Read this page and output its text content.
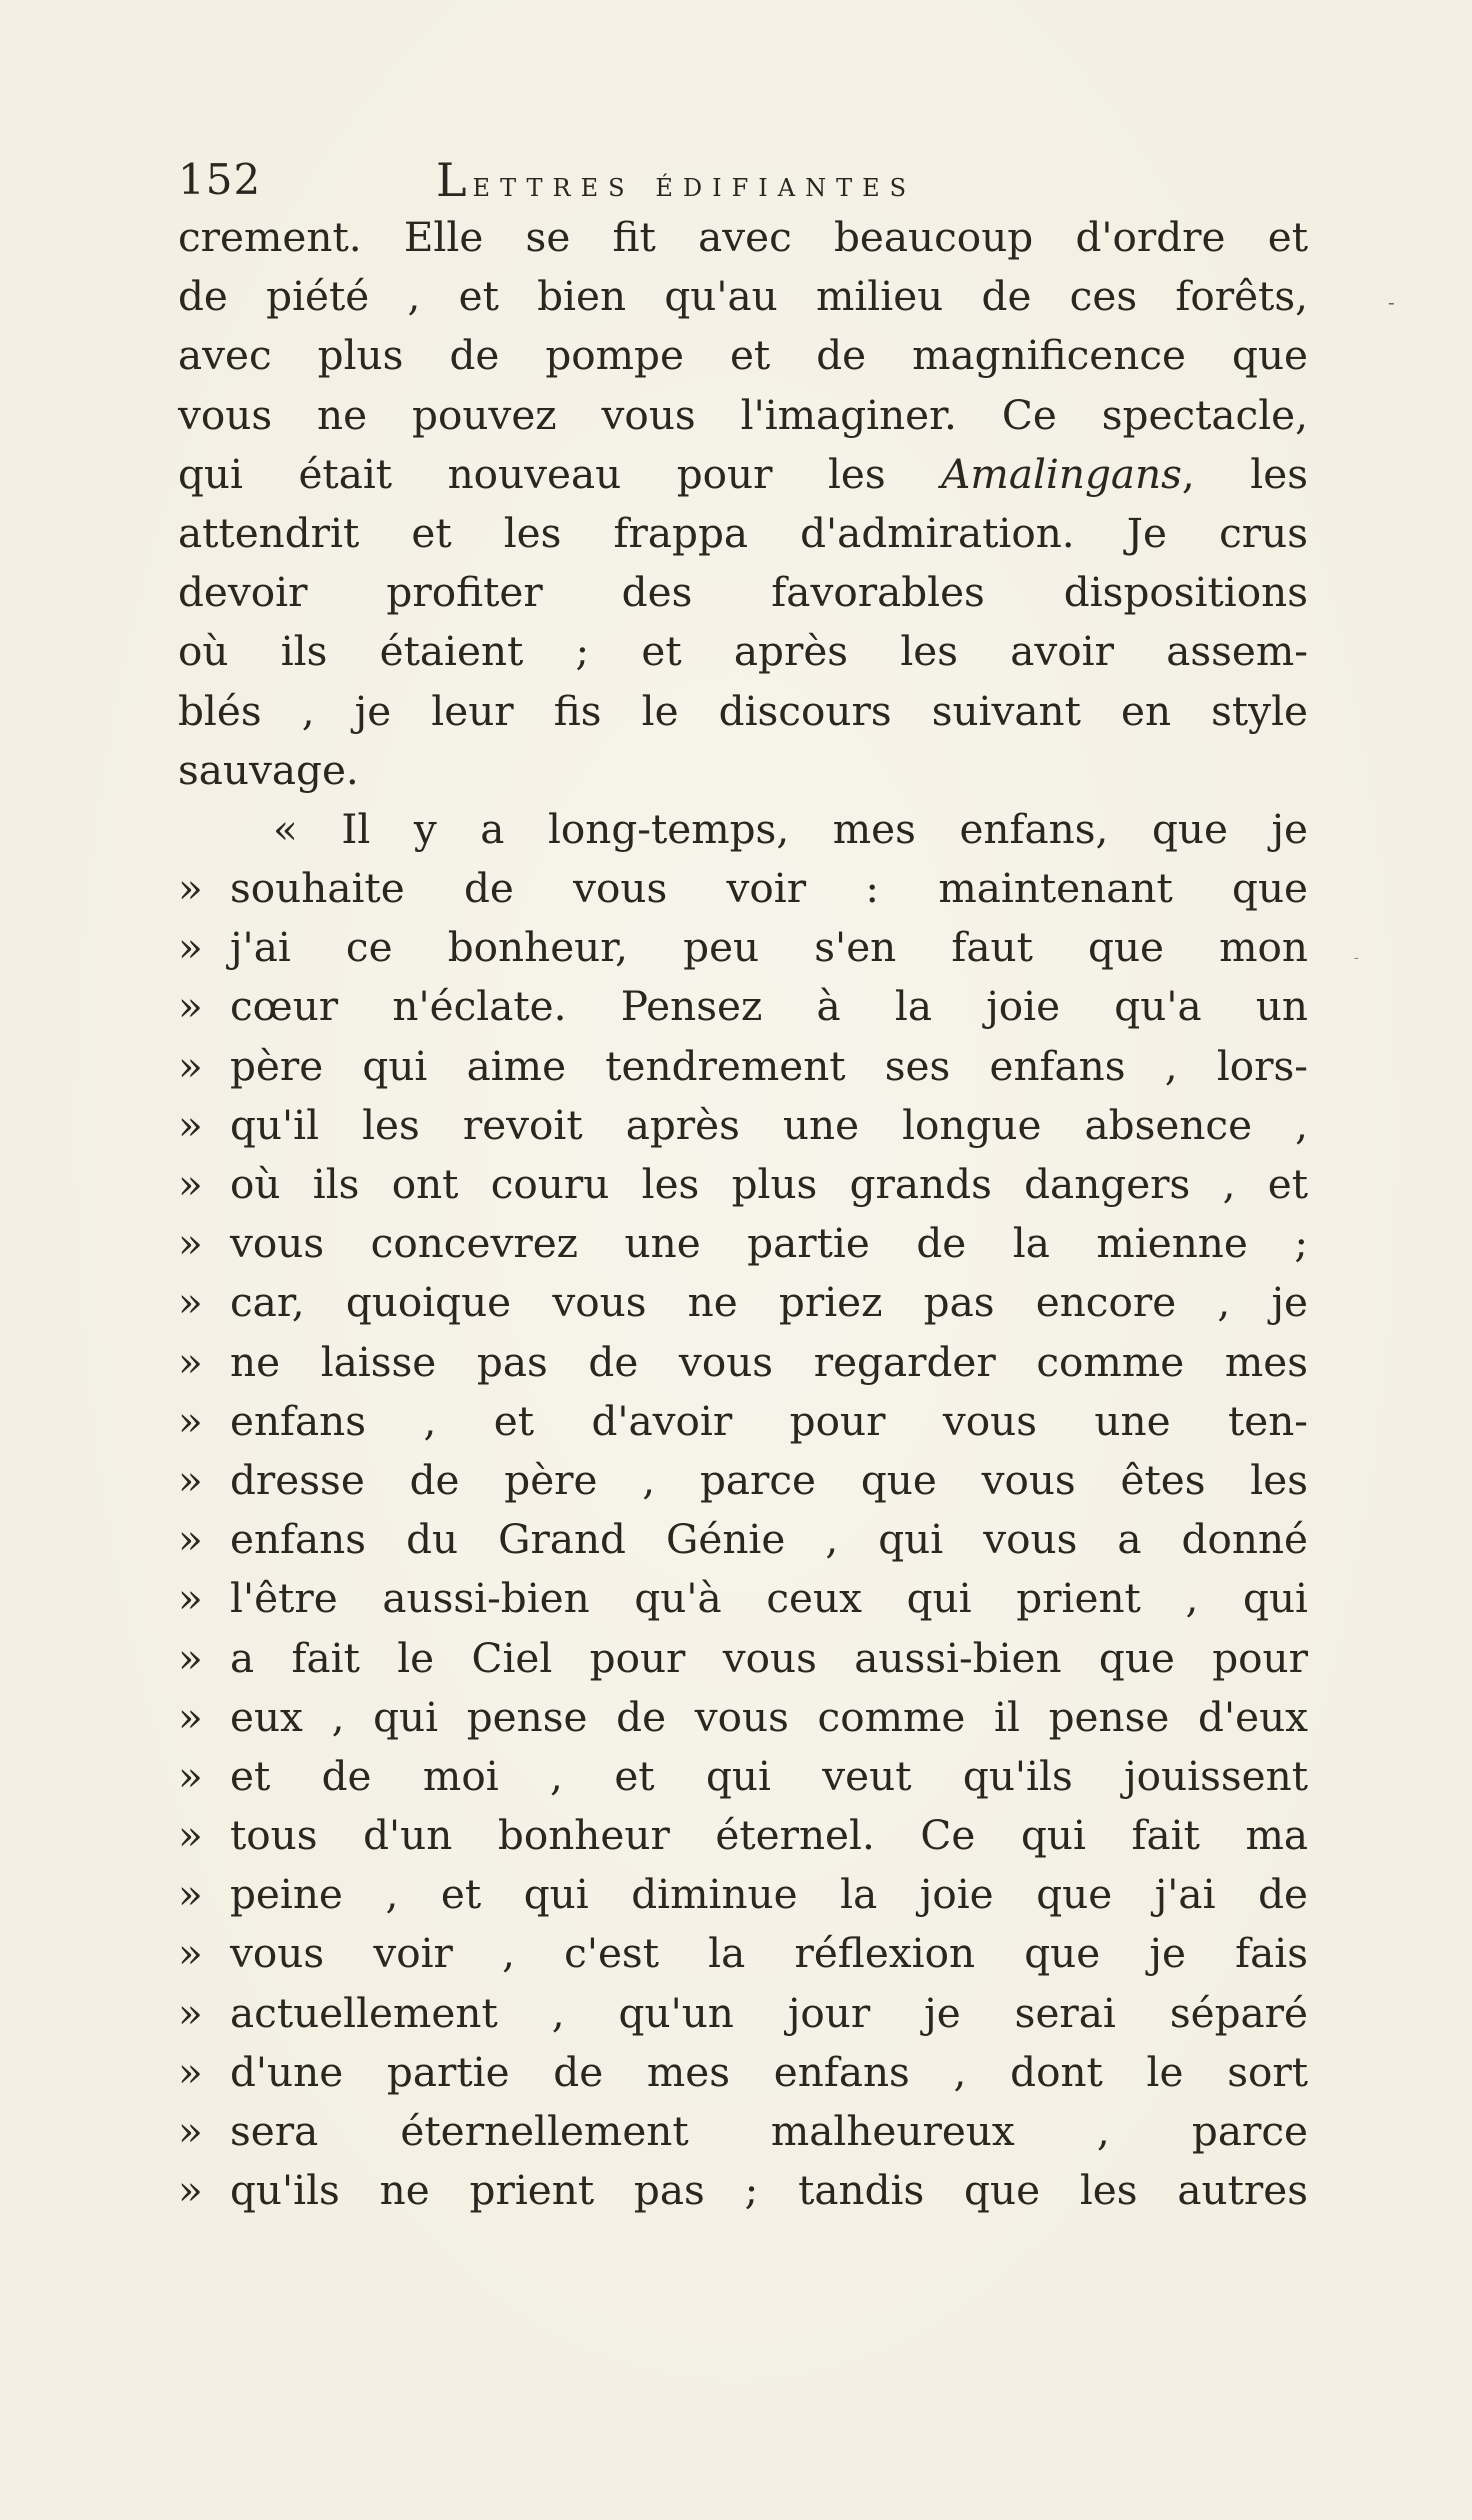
152	Lettres édifiantes
-
-
crement. Elle se fit avec beaucoup d'ordre et
de piété , et bien qu'au milieu de ces forêts,
avec plus de pompe et de magnificence que
vous ne pouvez vous l'imaginer. Ce spectacle,
qui était nouveau pour les Amalingans, les
attendrit et les frappa d'admiration. Je crus
devoir profiter des favorables dispositions
où ils étaient ; et après les avoir assem-
blés , je leur fis le discours suivant en style
sauvage.
« Il y a long-temps, mes enfans, que je
» souhaite de vous voir : maintenant que
» j'ai ce bonheur, peu s'en faut que mon
» cœur n'éclate. Pensez à la joie qu'a un
» père qui aime tendrement ses enfans , lors-
» qu'il les revoit après une longue absence ,
» où ils ont couru les plus grands dangers , et
» vous concevrez une partie de la mienne ;
» car, quoique vous ne priez pas encore , je
» ne laisse pas de vous regarder comme mes
» enfans , et d'avoir pour vous une ten-
» dresse de père , parce que vous êtes les
» enfans du Grand Génie , qui vous a donné
» l'être aussi-bien qu'à ceux qui prient , qui
» a fait le Ciel pour vous aussi-bien que pour
» eux , qui pense de vous comme il pense d'eux
» et de moi , et qui veut qu'ils jouissent
» tous d'un bonheur éternel. Ce qui fait ma
» peine , et qui diminue la joie que j'ai de
» vous voir , c'est la réflexion que je fais
» actuellement , qu'un jour je serai séparé
» d'une partie de mes enfans , dont le sort
» sera éternellement malheureux , parce
» qu'ils ne prient pas ; tandis que les autres
